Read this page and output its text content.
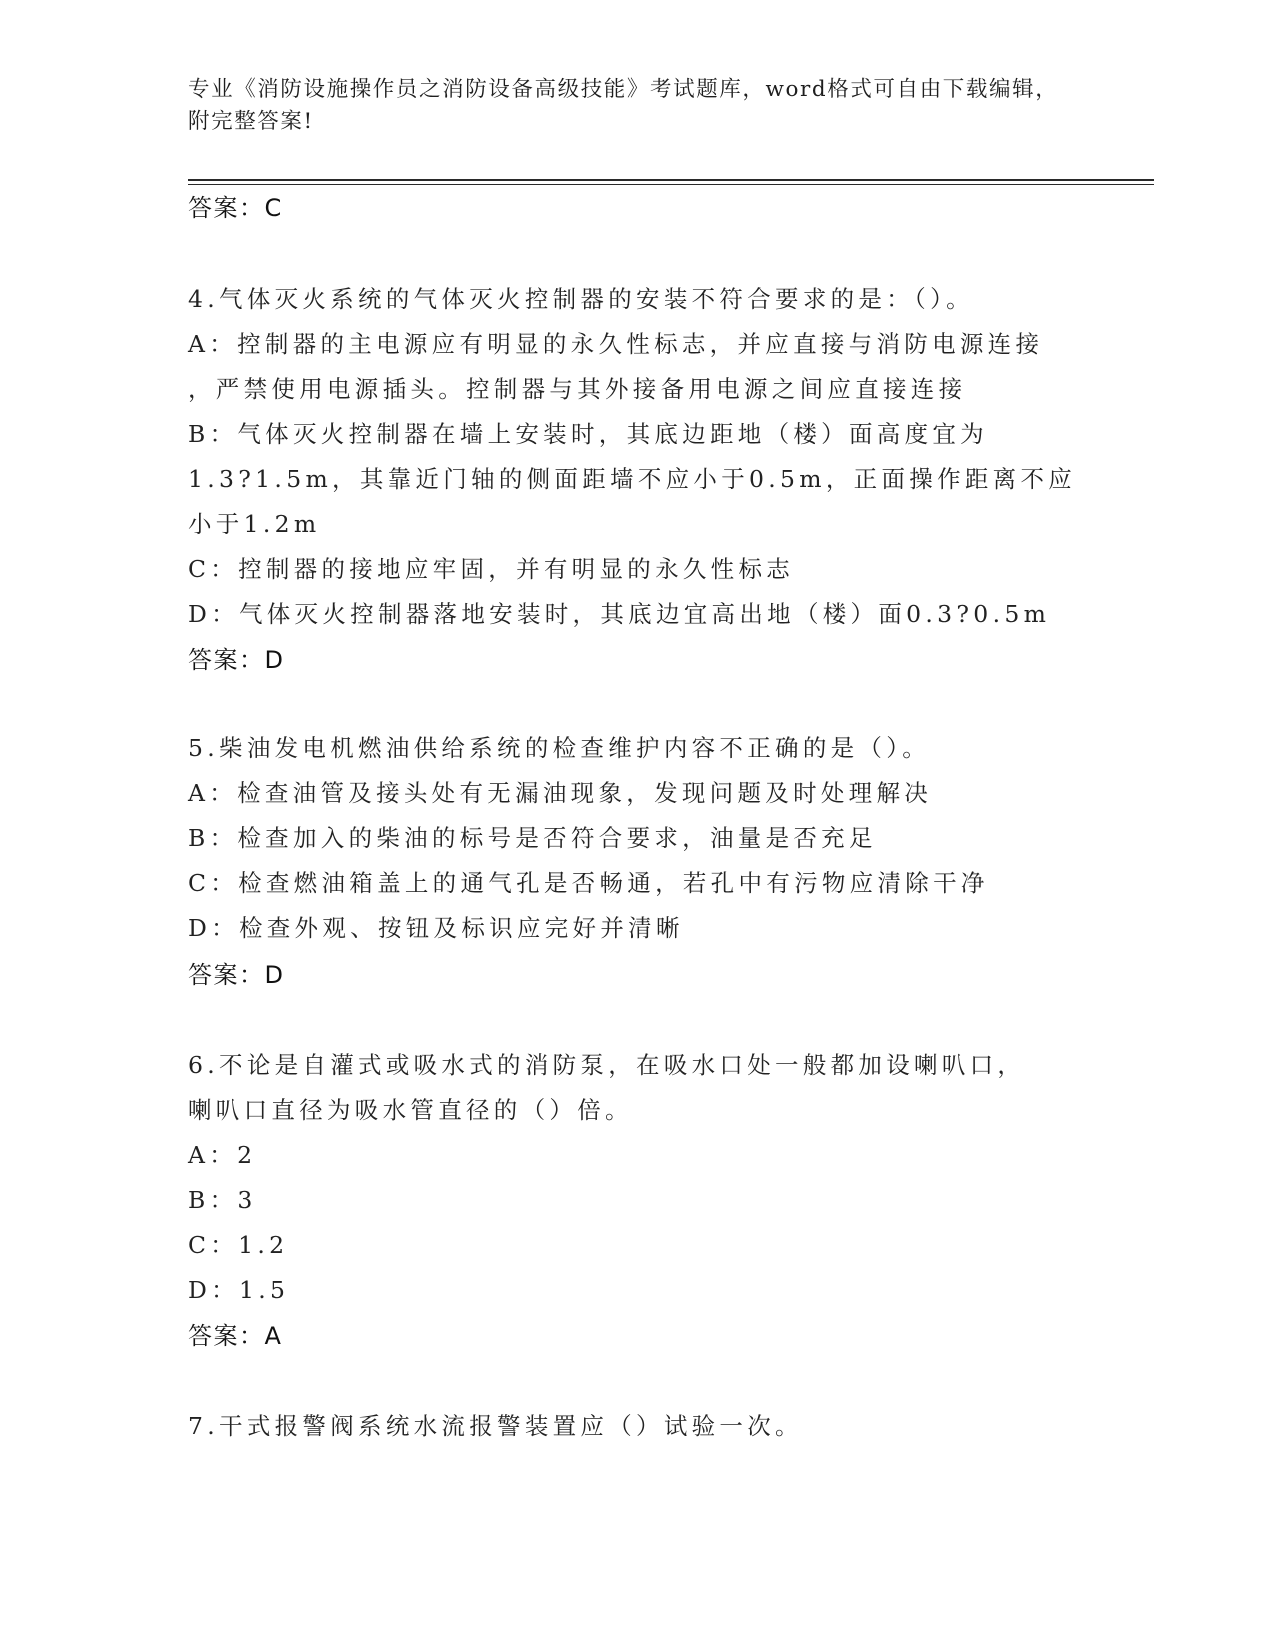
专业《消防设施操作员之消防设备高级技能》考试题库，word格式可自由下载编辑，附完整答案!
答案：C
4.气体灭火系统的气体灭火控制器的安装不符合要求的是：（）。
A：控制器的主电源应有明显的永久性标志，并应直接与消防电源连接
，严禁使用电源插头。控制器与其外接备用电源之间应直接连接
B：气体灭火控制器在墙上安装时，其底边距地（楼）面高度宜为
1.3?1.5m，其靠近门轴的侧面距墙不应小于0.5m，正面操作距离不应
小于1.2m
C：控制器的接地应牢固，并有明显的永久性标志
D：气体灭火控制器落地安装时，其底边宜高出地（楼）面0.3?0.5m
答案：D
5.柴油发电机燃油供给系统的检查维护内容不正确的是（）。
A：检查油管及接头处有无漏油现象，发现问题及时处理解决
B：检查加入的柴油的标号是否符合要求，油量是否充足
C：检查燃油箱盖上的通气孔是否畅通，若孔中有污物应清除干净
D：检查外观、按钮及标识应完好并清晰
答案：D
6.不论是自灌式或吸水式的消防泵，在吸水口处一般都加设喇叭口，
喇叭口直径为吸水管直径的（）倍。
A：2
B：3
C：1.2
D：1.5
答案：A
7.干式报警阀系统水流报警装置应（）试验一次。
